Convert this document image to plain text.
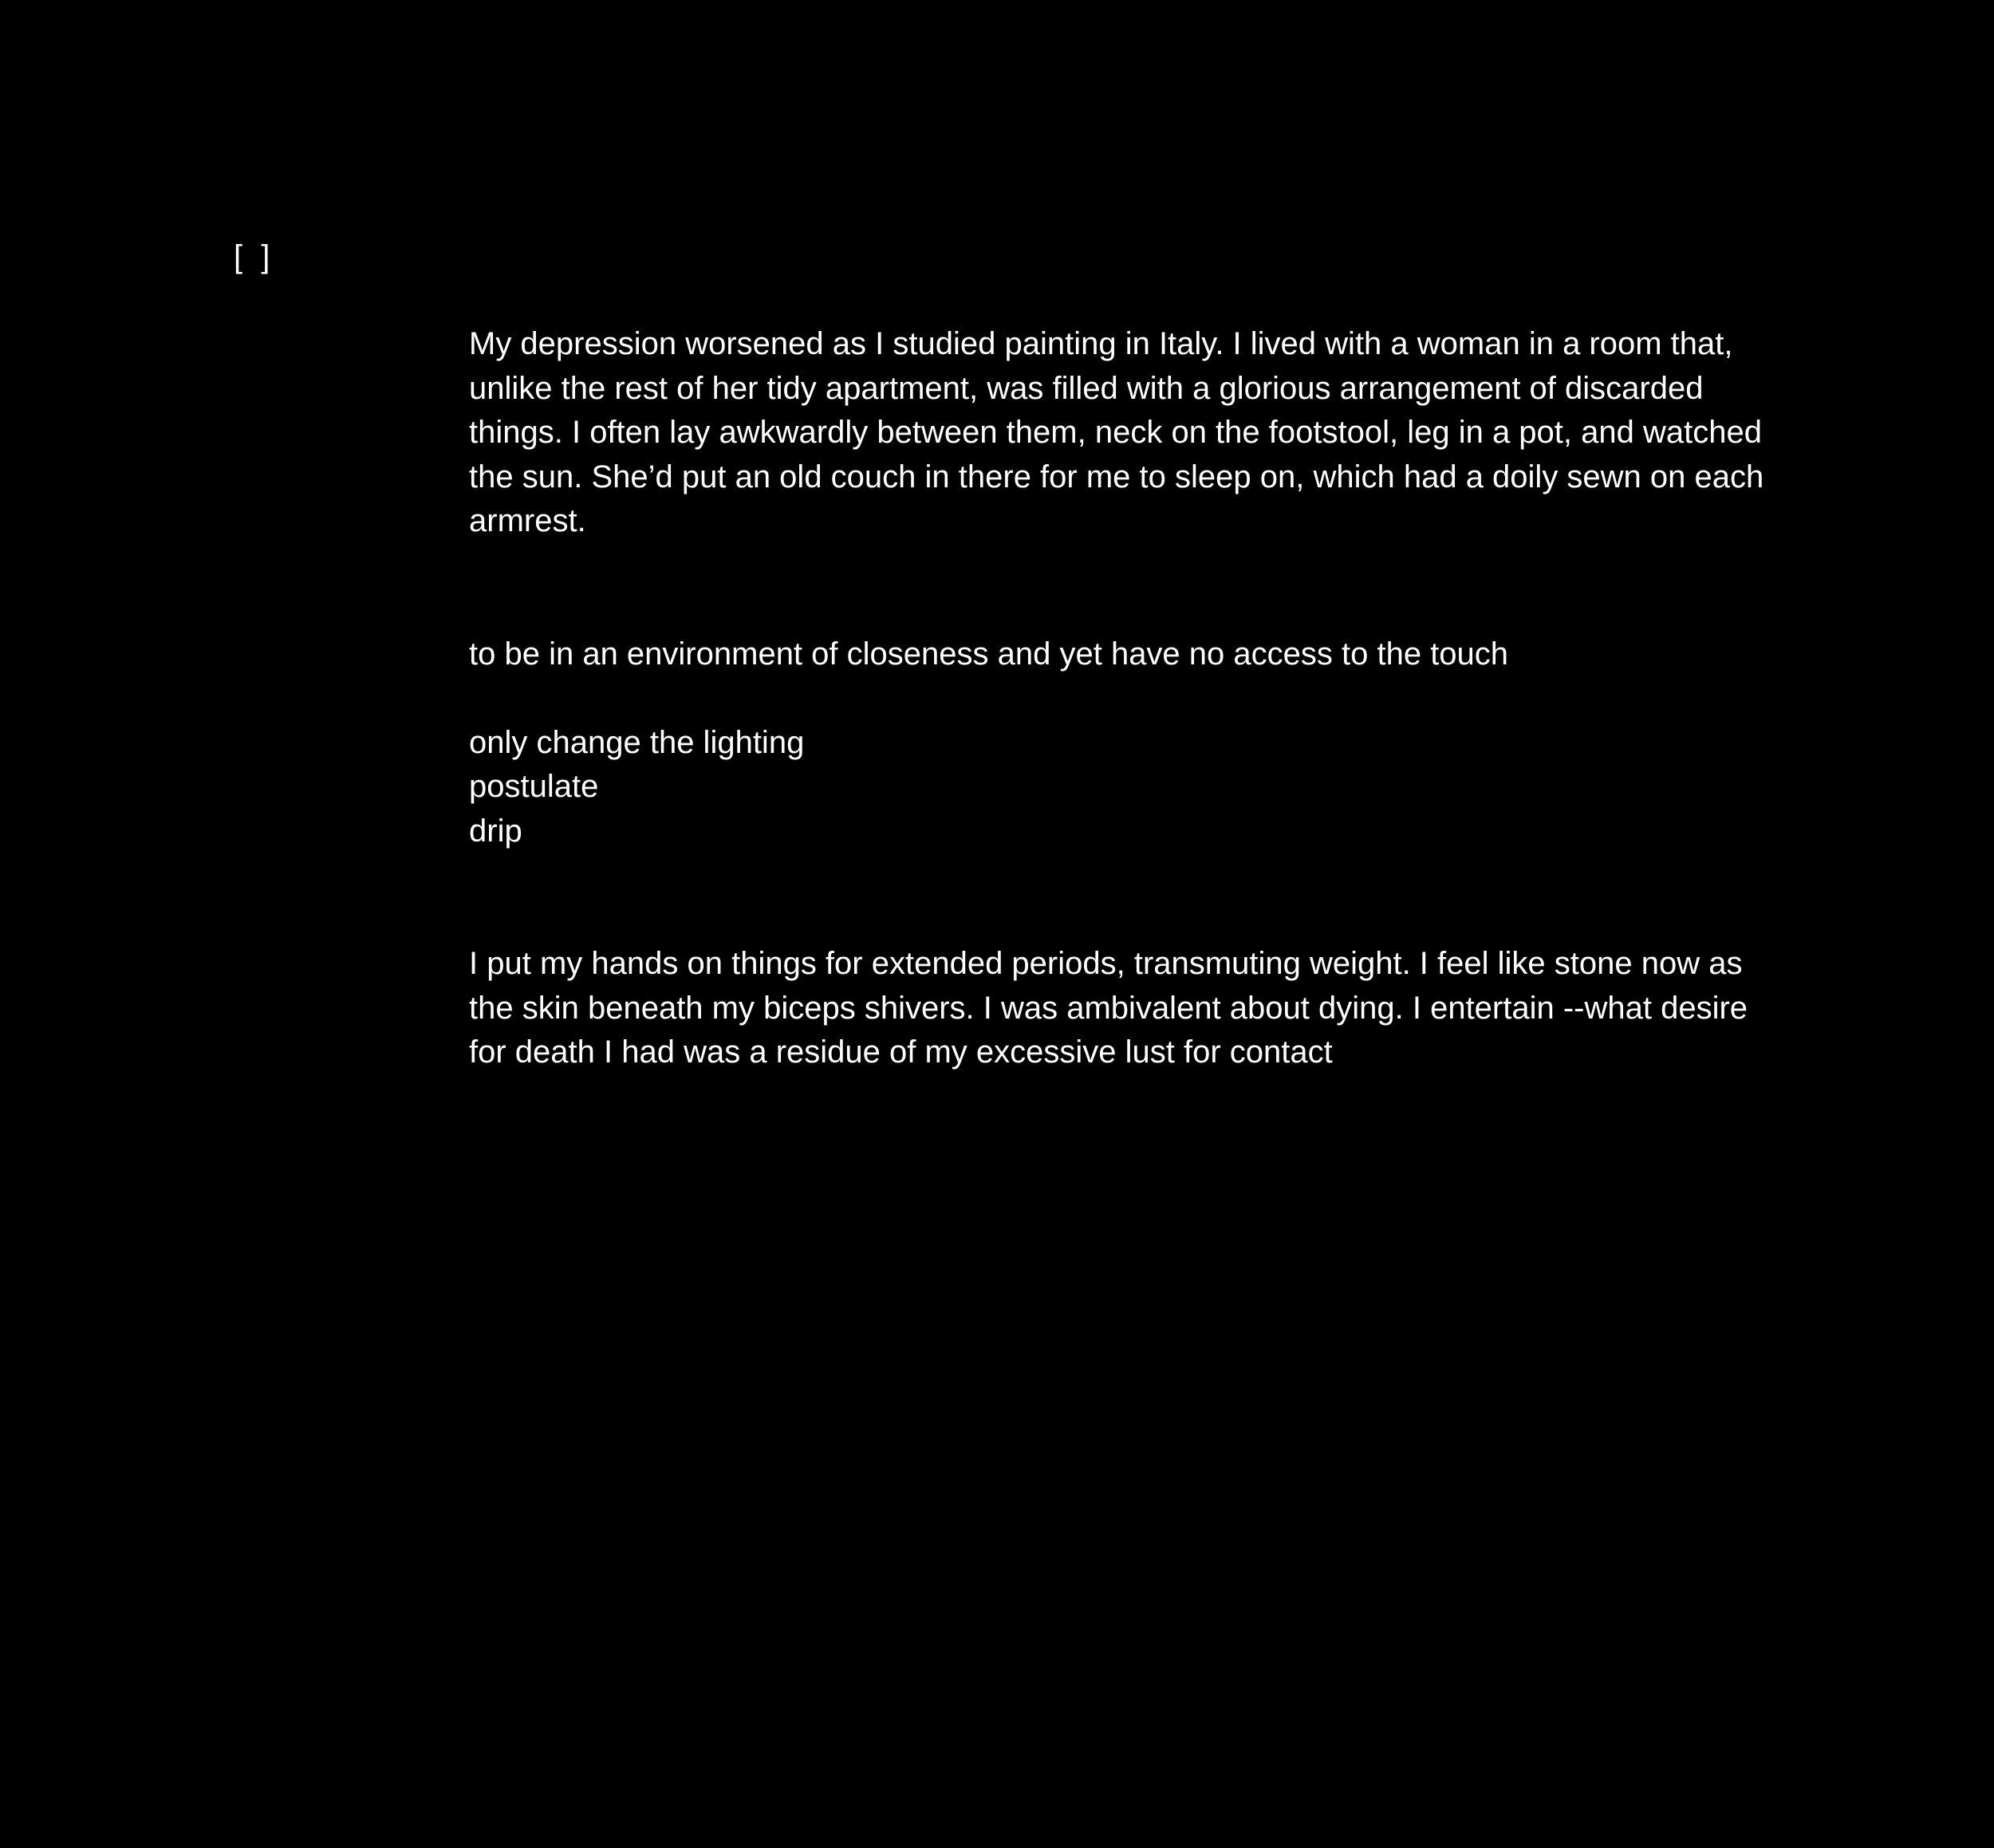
[ ]

My depression worsened as I studied painting in Italy. I lived with a woman in a room that, unlike the rest of her tidy apartment, was filled with a glorious arrangement of discarded things. I often lay awkwardly between them, neck on the footstool, leg in a pot, and watched the sun. She’d put an old couch in there for me to sleep on, which had a doily sewn on each armrest.

to be in an environment of closeness and yet have no access to the touch

only change the lighting
postulate
drip

I put my hands on things for extended periods, transmuting weight. I feel like stone now as the skin beneath my biceps shivers. I was ambivalent about dying. I entertain --what desire for death I had was a residue of my excessive lust for contact
